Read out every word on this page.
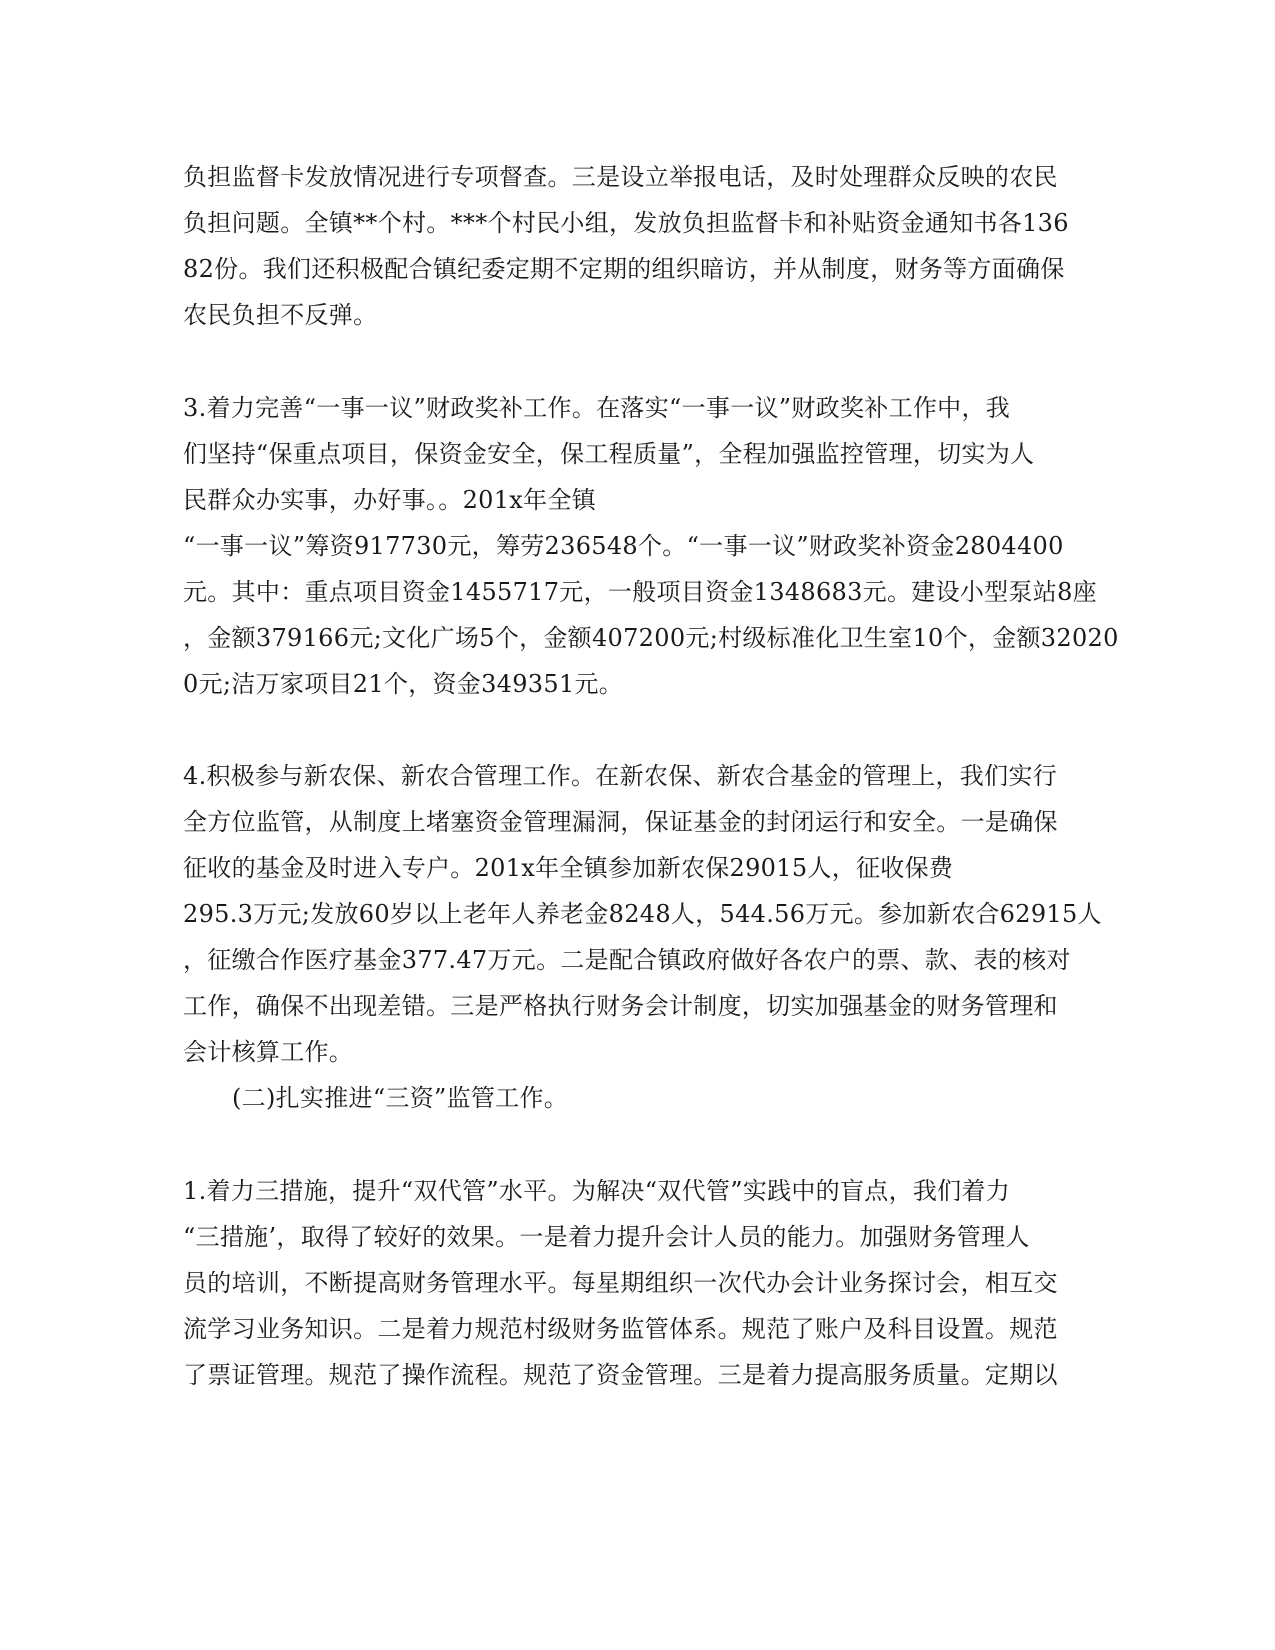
负担监督卡发放情况进行专项督查。三是设立举报电话，及时处理群众反映的农民
负担问题。全镇**个村。***个村民小组，发放负担监督卡和补贴资金通知书各136
82份。我们还积极配合镇纪委定期不定期的组织暗访，并从制度，财务等方面确保
农民负担不反弹。
3.着力完善“一事一议”财政奖补工作。在落实“一事一议”财政奖补工作中，我
们坚持“保重点项目，保资金安全，保工程质量”，全程加强监控管理，切实为人
民群众办实事，办好事。。201x年全镇
“一事一议”筹资917730元，筹劳236548个。“一事一议”财政奖补资金2804400
元。其中：重点项目资金1455717元，一般项目资金1348683元。建设小型泵站8座
，金额379166元;文化广场5个，金额407200元;村级标准化卫生室10个，金额32020
0元;洁万家项目21个，资金349351元。
4.积极参与新农保、新农合管理工作。在新农保、新农合基金的管理上，我们实行
全方位监管，从制度上堵塞资金管理漏洞，保证基金的封闭运行和安全。一是确保
征收的基金及时进入专户。201x年全镇参加新农保29015人，征收保费
295.3万元;发放60岁以上老年人养老金8248人，544.56万元。参加新农合62915人
，征缴合作医疗基金377.47万元。二是配合镇政府做好各农户的票、款、表的核对
工作，确保不出现差错。三是严格执行财务会计制度，切实加强基金的财务管理和
会计核算工作。
(二)扎实推进“三资”监管工作。
1.着力三措施，提升“双代管”水平。为解决“双代管”实践中的盲点，我们着力
“三措施’，取得了较好的效果。一是着力提升会计人员的能力。加强财务管理人
员的培训，不断提高财务管理水平。每星期组织一次代办会计业务探讨会，相互交
流学习业务知识。二是着力规范村级财务监管体系。规范了账户及科目设置。规范
了票证管理。规范了操作流程。规范了资金管理。三是着力提高服务质量。定期以
